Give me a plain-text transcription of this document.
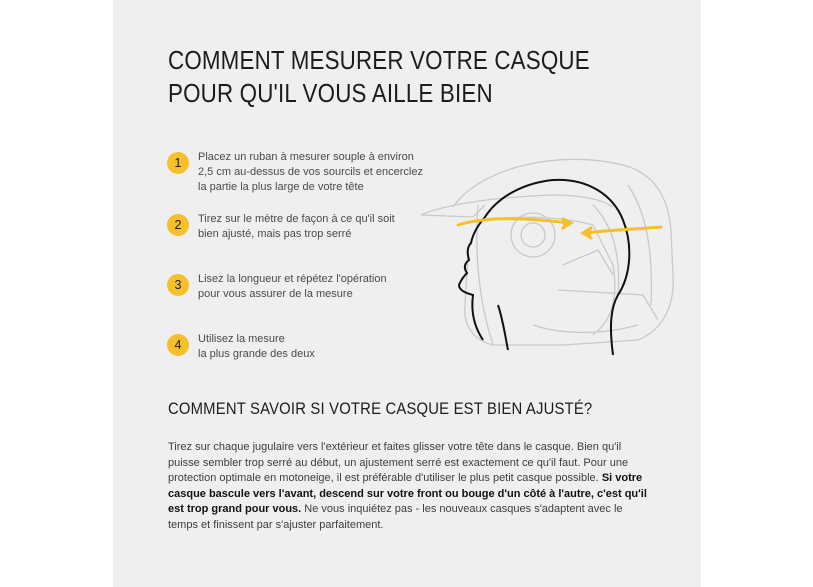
COMMENT MESURER VOTRE CASQUE
POUR QU'IL VOUS AILLE BIEN
1	Placez un ruban à mesurer souple à environ
2,5 cm au-dessus de vos sourcils et encerclez
la partie la plus large de votre tête
2	Tirez sur le mètre de façon à ce qu'il soit
bien ajusté, mais pas trop serré
3	Lisez la longueur et répétez l'opération
pour vous assurer de la mesure
4	Utilisez la mesure
la plus grande des deux
COMMENT SAVOIR SI VOTRE CASQUE EST BIEN AJUSTÉ?

Tirez sur chaque jugulaire vers l'extérieur et faites glisser votre tête dans le casque. Bien qu'il puisse sembler trop serré au début, un ajustement serré est exactement ce qu'il faut. Pour une protection optimale en motoneige, il est préférable d'utiliser le plus petit casque possible. Si votre casque bascule vers l'avant, descend sur votre front ou bouge d'un côté à l'autre, c'est qu'il est trop grand pour vous. Ne vous inquiétez pas - les nouveaux casques s'adaptent avec le temps et finissent par s'ajuster parfaitement.
